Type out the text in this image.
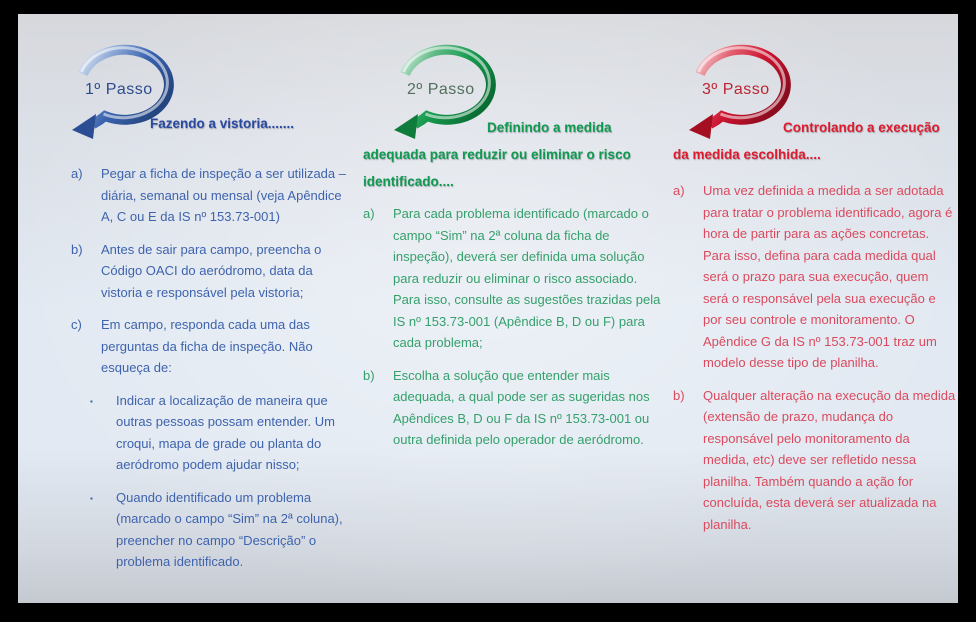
1º Passo
Fazendo a vistoria.......
a) Pegar a ficha de inspeção a ser utilizada – diária, semanal ou mensal (veja Apêndice A, C ou E da IS nº 153.73-001)
b) Antes de sair para campo, preencha o Código OACI do aeródromo, data da vistoria e responsável pela vistoria;
c) Em campo, responda cada uma das perguntas da ficha de inspeção. Não esqueça de:
▪ Indicar a localização de maneira que outras pessoas possam entender. Um croqui, mapa de grade ou planta do aeródromo podem ajudar nisso;
▪ Quando identificado um problema (marcado o campo “Sim” na 2ª coluna), preencher no campo “Descrição” o problema identificado.
2º Passo
Definindo a medida adequada para reduzir ou eliminar o risco identificado....
a) Para cada problema identificado (marcado o campo “Sim” na 2ª coluna da ficha de inspeção), deverá ser definida uma solução para reduzir ou eliminar o risco associado. Para isso, consulte as sugestões trazidas pela IS nº 153.73-001 (Apêndice B, D ou F) para cada problema;
b) Escolha a solução que entender mais adequada, a qual pode ser as sugeridas nos Apêndices B, D ou F da IS nº 153.73-001 ou outra definida pelo operador de aeródromo.
3º Passo
Controlando a execução da medida escolhida....
a) Uma vez definida a medida a ser adotada para tratar o problema identificado, agora é hora de partir para as ações concretas. Para isso, defina para cada medida qual será o prazo para sua execução, quem será o responsável pela sua execução e por seu controle e monitoramento. O Apêndice G da IS nº 153.73-001 traz um modelo desse tipo de planilha.
b) Qualquer alteração na execução da medida (extensão de prazo, mudança do responsável pelo monitoramento da medida, etc) deve ser refletido nessa planilha. Também quando a ação for concluída, esta deverá ser atualizada na planilha.
